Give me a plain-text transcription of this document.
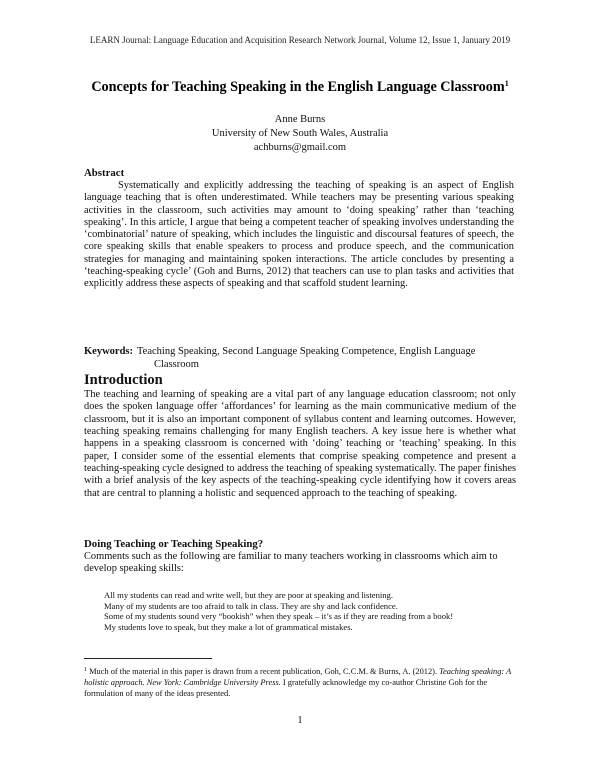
LEARN Journal: Language Education and Acquisition Research Network Journal, Volume 12, Issue 1, January 2019
Concepts for Teaching Speaking in the English Language Classroom$^1$
Anne Burns
University of New South Wales, Australia
achburns@gmail.com
Abstract

Systematically and explicitly addressing the teaching of speaking is an aspect of English language teaching that is often underestimated. While teachers may be presenting various speaking activities in the classroom, such activities may amount to ‘doing speaking’ rather than ‘teaching speaking’. In this article, I argue that being a competent teacher of speaking involves understanding the ‘combinatorial’ nature of speaking, which includes the linguistic and discoursal features of speech, the core speaking skills that enable speakers to process and produce speech, and the communication strategies for managing and maintaining spoken interactions. The article concludes by presenting a ‘teaching-speaking cycle’ (Goh and Burns, 2012) that teachers can use to plan tasks and activities that explicitly address these aspects of speaking and that scaffold student learning.

Keywords: Teaching Speaking, Second Language Speaking Competence, English Language
Classroom
Introduction

The teaching and learning of speaking are a vital part of any language education classroom; not only does the spoken language offer ‘affordances’ for learning as the main communicative medium of the classroom, but it is also an important component of syllabus content and learning outcomes. However, teaching speaking remains challenging for many English teachers. A key issue here is whether what happens in a speaking classroom is concerned with ‘doing’ teaching or ‘teaching’ speaking. In this paper, I consider some of the essential elements that comprise speaking competence and present a teaching-speaking cycle designed to address the teaching of speaking systematically. The paper finishes with a brief analysis of the key aspects of the teaching-speaking cycle identifying how it covers areas that are central to planning a holistic and sequenced approach to the teaching of speaking.

Doing Teaching or Teaching Speaking?

Comments such as the following are familiar to many teachers working in classrooms which aim to develop speaking skills:

All my students can read and write well, but they are poor at speaking and listening.
Many of my students are too afraid to talk in class. They are shy and lack confidence.
Some of my students sound very “bookish” when they speak – it’s as if they are reading from a book!
My students love to speak, but they make a lot of grammatical mistakes.

$^1$ Much of the material in this paper is drawn from a recent publication, Goh, C.C.M. & Burns, A. (2012). Teaching speaking: A holistic approach. New York: Cambridge University Press. I gratefully acknowledge my co-author Christine Goh for the formulation of many of the ideas presented.

1
